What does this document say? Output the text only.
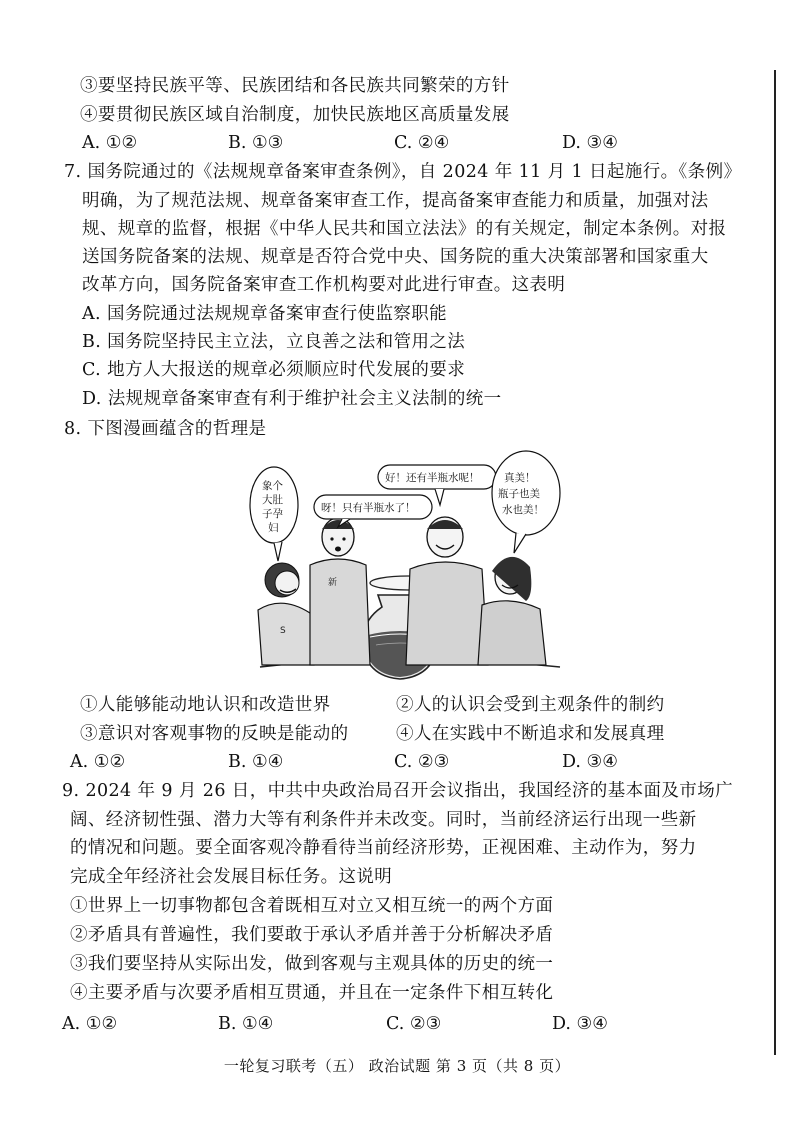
③要坚持民族平等、民族团结和各民族共同繁荣的方针
④要贯彻民族区域自治制度，加快民族地区高质量发展
A. ①②	B. ①③	C. ②④	D. ③④
7. 国务院通过的《法规规章备案审查条例》，自 2024 年 11 月 1 日起施行。《条例》
明确，为了规范法规、规章备案审查工作，提高备案审查能力和质量，加强对法
规、规章的监督，根据《中华人民共和国立法法》的有关规定，制定本条例。对报
送国务院备案的法规、规章是否符合党中央、国务院的重大决策部署和国家重大
改革方向，国务院备案审查工作机构要对此进行审查。这表明
A. 国务院通过法规规章备案审查行使监察职能
B. 国务院坚持民主立法，立良善之法和管用之法
C. 地方人大报送的规章必须顺应时代发展的要求
D. 法规规章备案审查有利于维护社会主义法制的统一
8. 下图漫画蕴含的哲理是
S
新
好！还有半瓶水呢！
呀！只有半瓶水了！
象个
大肚
子孕
妇
真美！
瓶子也美
水也美！
①人能够能动地认识和改造世界	②人的认识会受到主观条件的制约
③意识对客观事物的反映是能动的	④人在实践中不断追求和发展真理
A. ①②	B. ①④	C. ②③	D. ③④
9. 2024 年 9 月 26 日，中共中央政治局召开会议指出，我国经济的基本面及市场广
阔、经济韧性强、潜力大等有利条件并未改变。同时，当前经济运行出现一些新
的情况和问题。要全面客观冷静看待当前经济形势，正视困难、主动作为，努力
完成全年经济社会发展目标任务。这说明
①世界上一切事物都包含着既相互对立又相互统一的两个方面
②矛盾具有普遍性，我们要敢于承认矛盾并善于分析解决矛盾
③我们要坚持从实际出发，做到客观与主观具体的历史的统一
④主要矛盾与次要矛盾相互贯通，并且在一定条件下相互转化
A. ①②	B. ①④	C. ②③	D. ③④
一轮复习联考（五） 政治试题 第 3 页（共 8 页）
